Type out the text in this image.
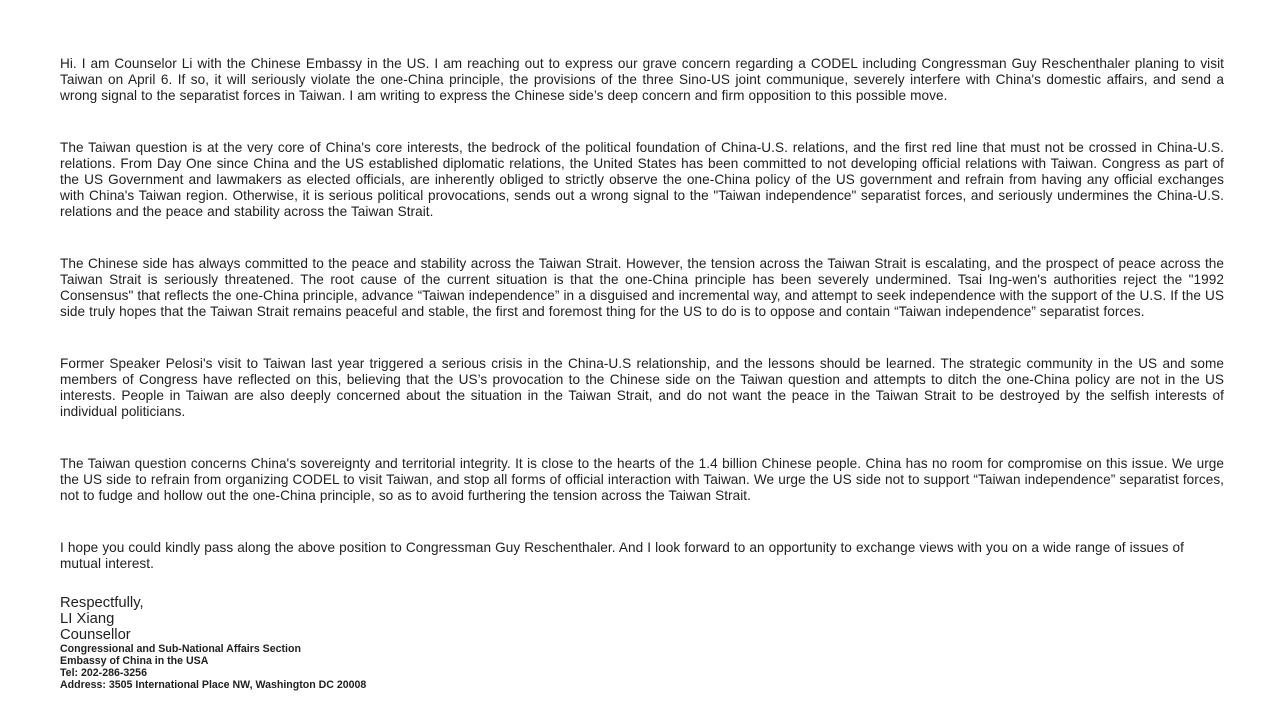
Hi. I am Counselor Li with the Chinese Embassy in the US. I am reaching out to express our grave concern regarding a CODEL including Congressman Guy Reschenthaler planing to visit Taiwan on April 6. If so, it will seriously violate the one-China principle, the provisions of the three Sino-US joint communique, severely interfere with China's domestic affairs, and send a wrong signal to the separatist forces in Taiwan. I am writing to express the Chinese side’s deep concern and firm opposition to this possible move.

The Taiwan question is at the very core of China's core interests, the bedrock of the political foundation of China-U.S. relations, and the first red line that must not be crossed in China-U.S. relations. From Day One since China and the US established diplomatic relations, the United States has been committed to not developing official relations with Taiwan. Congress as part of the US Government and lawmakers as elected officials, are inherently obliged to strictly observe the one-China policy of the US government and refrain from having any official exchanges with China's Taiwan region. Otherwise, it is serious political provocations, sends out a wrong signal to the "Taiwan independence" separatist forces, and seriously undermines the China-U.S. relations and the peace and stability across the Taiwan Strait.

The Chinese side has always committed to the peace and stability across the Taiwan Strait. However, the tension across the Taiwan Strait is escalating, and the prospect of peace across the Taiwan Strait is seriously threatened. The root cause of the current situation is that the one-China principle has been severely undermined. Tsai Ing-wen's authorities reject the "1992 Consensus" that reflects the one-China principle, advance “Taiwan independence” in a disguised and incremental way, and attempt to seek independence with the support of the U.S. If the US side truly hopes that the Taiwan Strait remains peaceful and stable, the first and foremost thing for the US to do is to oppose and contain “Taiwan independence” separatist forces.

Former Speaker Pelosi's visit to Taiwan last year triggered a serious crisis in the China-U.S relationship, and the lessons should be learned. The strategic community in the US and some members of Congress have reflected on this, believing that the US’s provocation to the Chinese side on the Taiwan question and attempts to ditch the one-China policy are not in the US interests. People in Taiwan are also deeply concerned about the situation in the Taiwan Strait, and do not want the peace in the Taiwan Strait to be destroyed by the selfish interests of individual politicians.

The Taiwan question concerns China's sovereignty and territorial integrity. It is close to the hearts of the 1.4 billion Chinese people. China has no room for compromise on this issue. We urge the US side to refrain from organizing CODEL to visit Taiwan, and stop all forms of official interaction with Taiwan. We urge the US side not to support “Taiwan independence” separatist forces, not to fudge and hollow out the one-China principle, so as to avoid furthering the tension across the Taiwan Strait.

I hope you could kindly pass along the above position to Congressman Guy Reschenthaler. And I look forward to an opportunity to exchange views with you on a wide range of issues of mutual interest.

Respectfully,
LI Xiang
Counsellor
Congressional and Sub-National Affairs Section
Embassy of China in the USA
Tel: 202-286-3256
Address: 3505 International Place NW, Washington DC 20008
